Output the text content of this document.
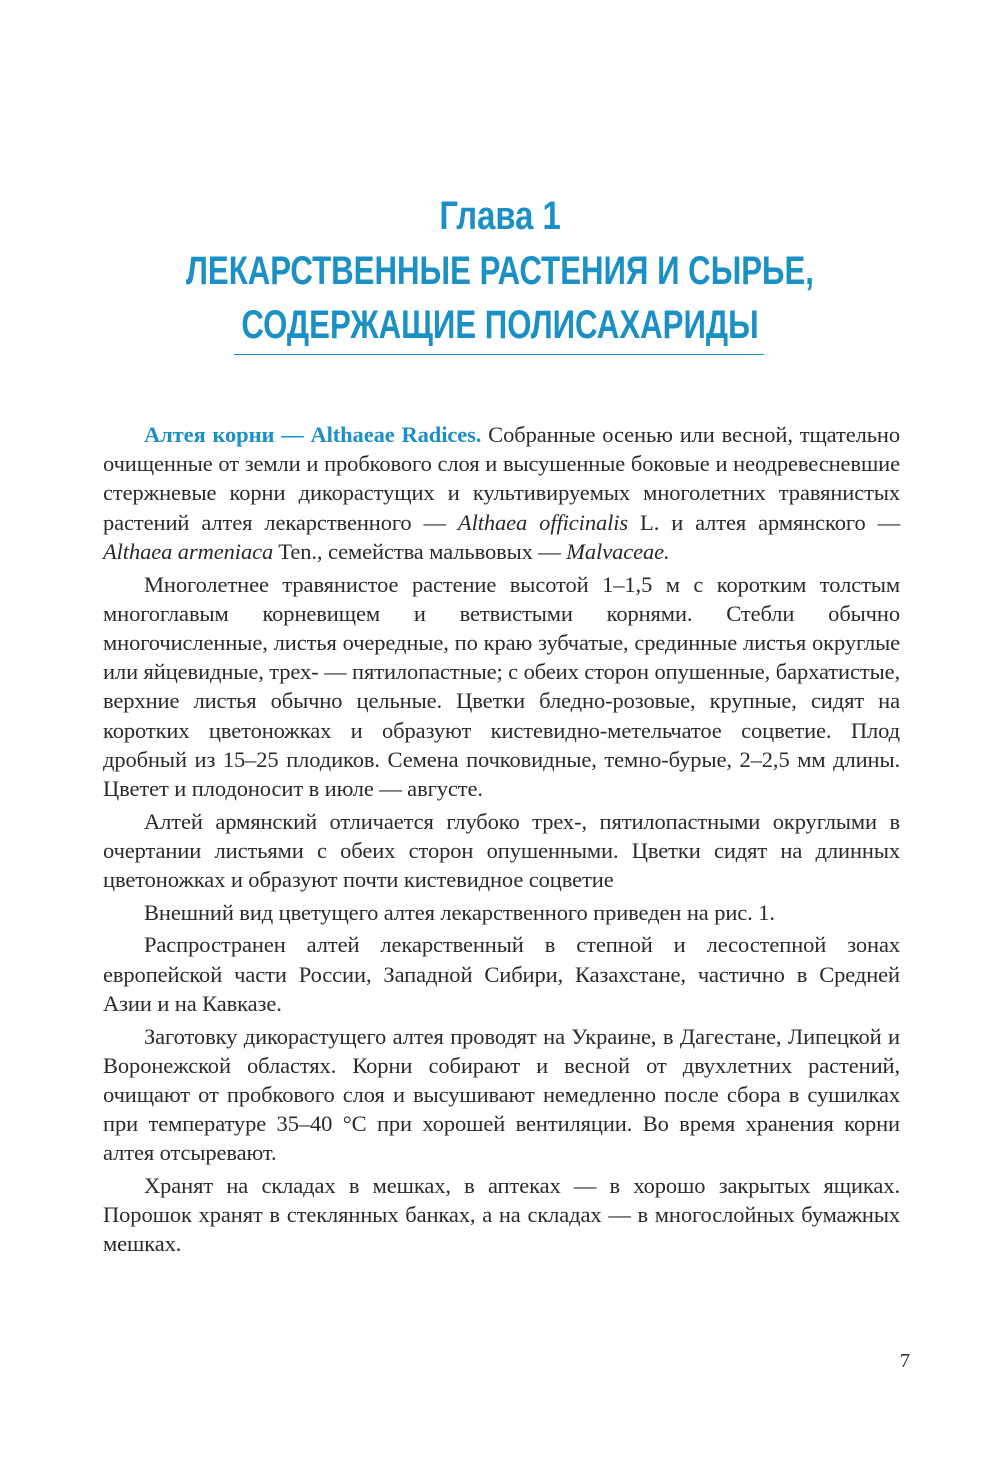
Глава 1
ЛЕКАРСТВЕННЫЕ РАСТЕНИЯ И СЫРЬЕ,
СОДЕРЖАЩИЕ ПОЛИСАХАРИДЫ

Алтея корни — Althaeae Radices. Собранные осенью или весной, тщательно очищенные от земли и пробкового слоя и высушенные боковые и неодревесневшие стержневые корни дикорастущих и культивируемых многолетних травянистых растений алтея лекарственного — Althaea officinalis L. и алтея армянского — Althaea armeniaca Ten., семейства мальвовых — Malvaceae.

Многолетнее травянистое растение высотой 1–1,5 м с коротким толстым многоглавым корневищем и ветвистыми корнями. Стебли обычно многочисленные, листья очередные, по краю зубчатые, срединные листья округлые или яйцевидные, трех- — пятилопастные; с обеих сторон опушенные, бархатистые, верхние листья обычно цельные. Цветки бледно-розовые, крупные, сидят на коротких цветоножках и образуют кистевидно-метельчатое соцветие. Плод дробный из 15–25 плодиков. Семена почковидные, темно-бурые, 2–2,5 мм длины. Цветет и плодоносит в июле — августе.

Алтей армянский отличается глубоко трех-, пятилопастными округлыми в очертании листьями с обеих сторон опушенными. Цветки сидят на длинных цветоножках и образуют почти кистевидное соцветие

Внешний вид цветущего алтея лекарственного приведен на рис. 1.

Распространен алтей лекарственный в степной и лесостепной зонах европейской части России, Западной Сибири, Казахстане, частично в Средней Азии и на Кавказе.

Заготовку дикорастущего алтея проводят на Украине, в Дагестане, Липецкой и Воронежской областях. Корни собирают и весной от двухлетних растений, очищают от пробкового слоя и высушивают немедленно после сбора в сушилках при температуре 35–40 °С при хорошей вентиляции. Во время хранения корни алтея отсыревают.

Хранят на складах в мешках, в аптеках — в хорошо закрытых ящиках. Порошок хранят в стеклянных банках, а на складах — в многослойных бумажных мешках.

7
